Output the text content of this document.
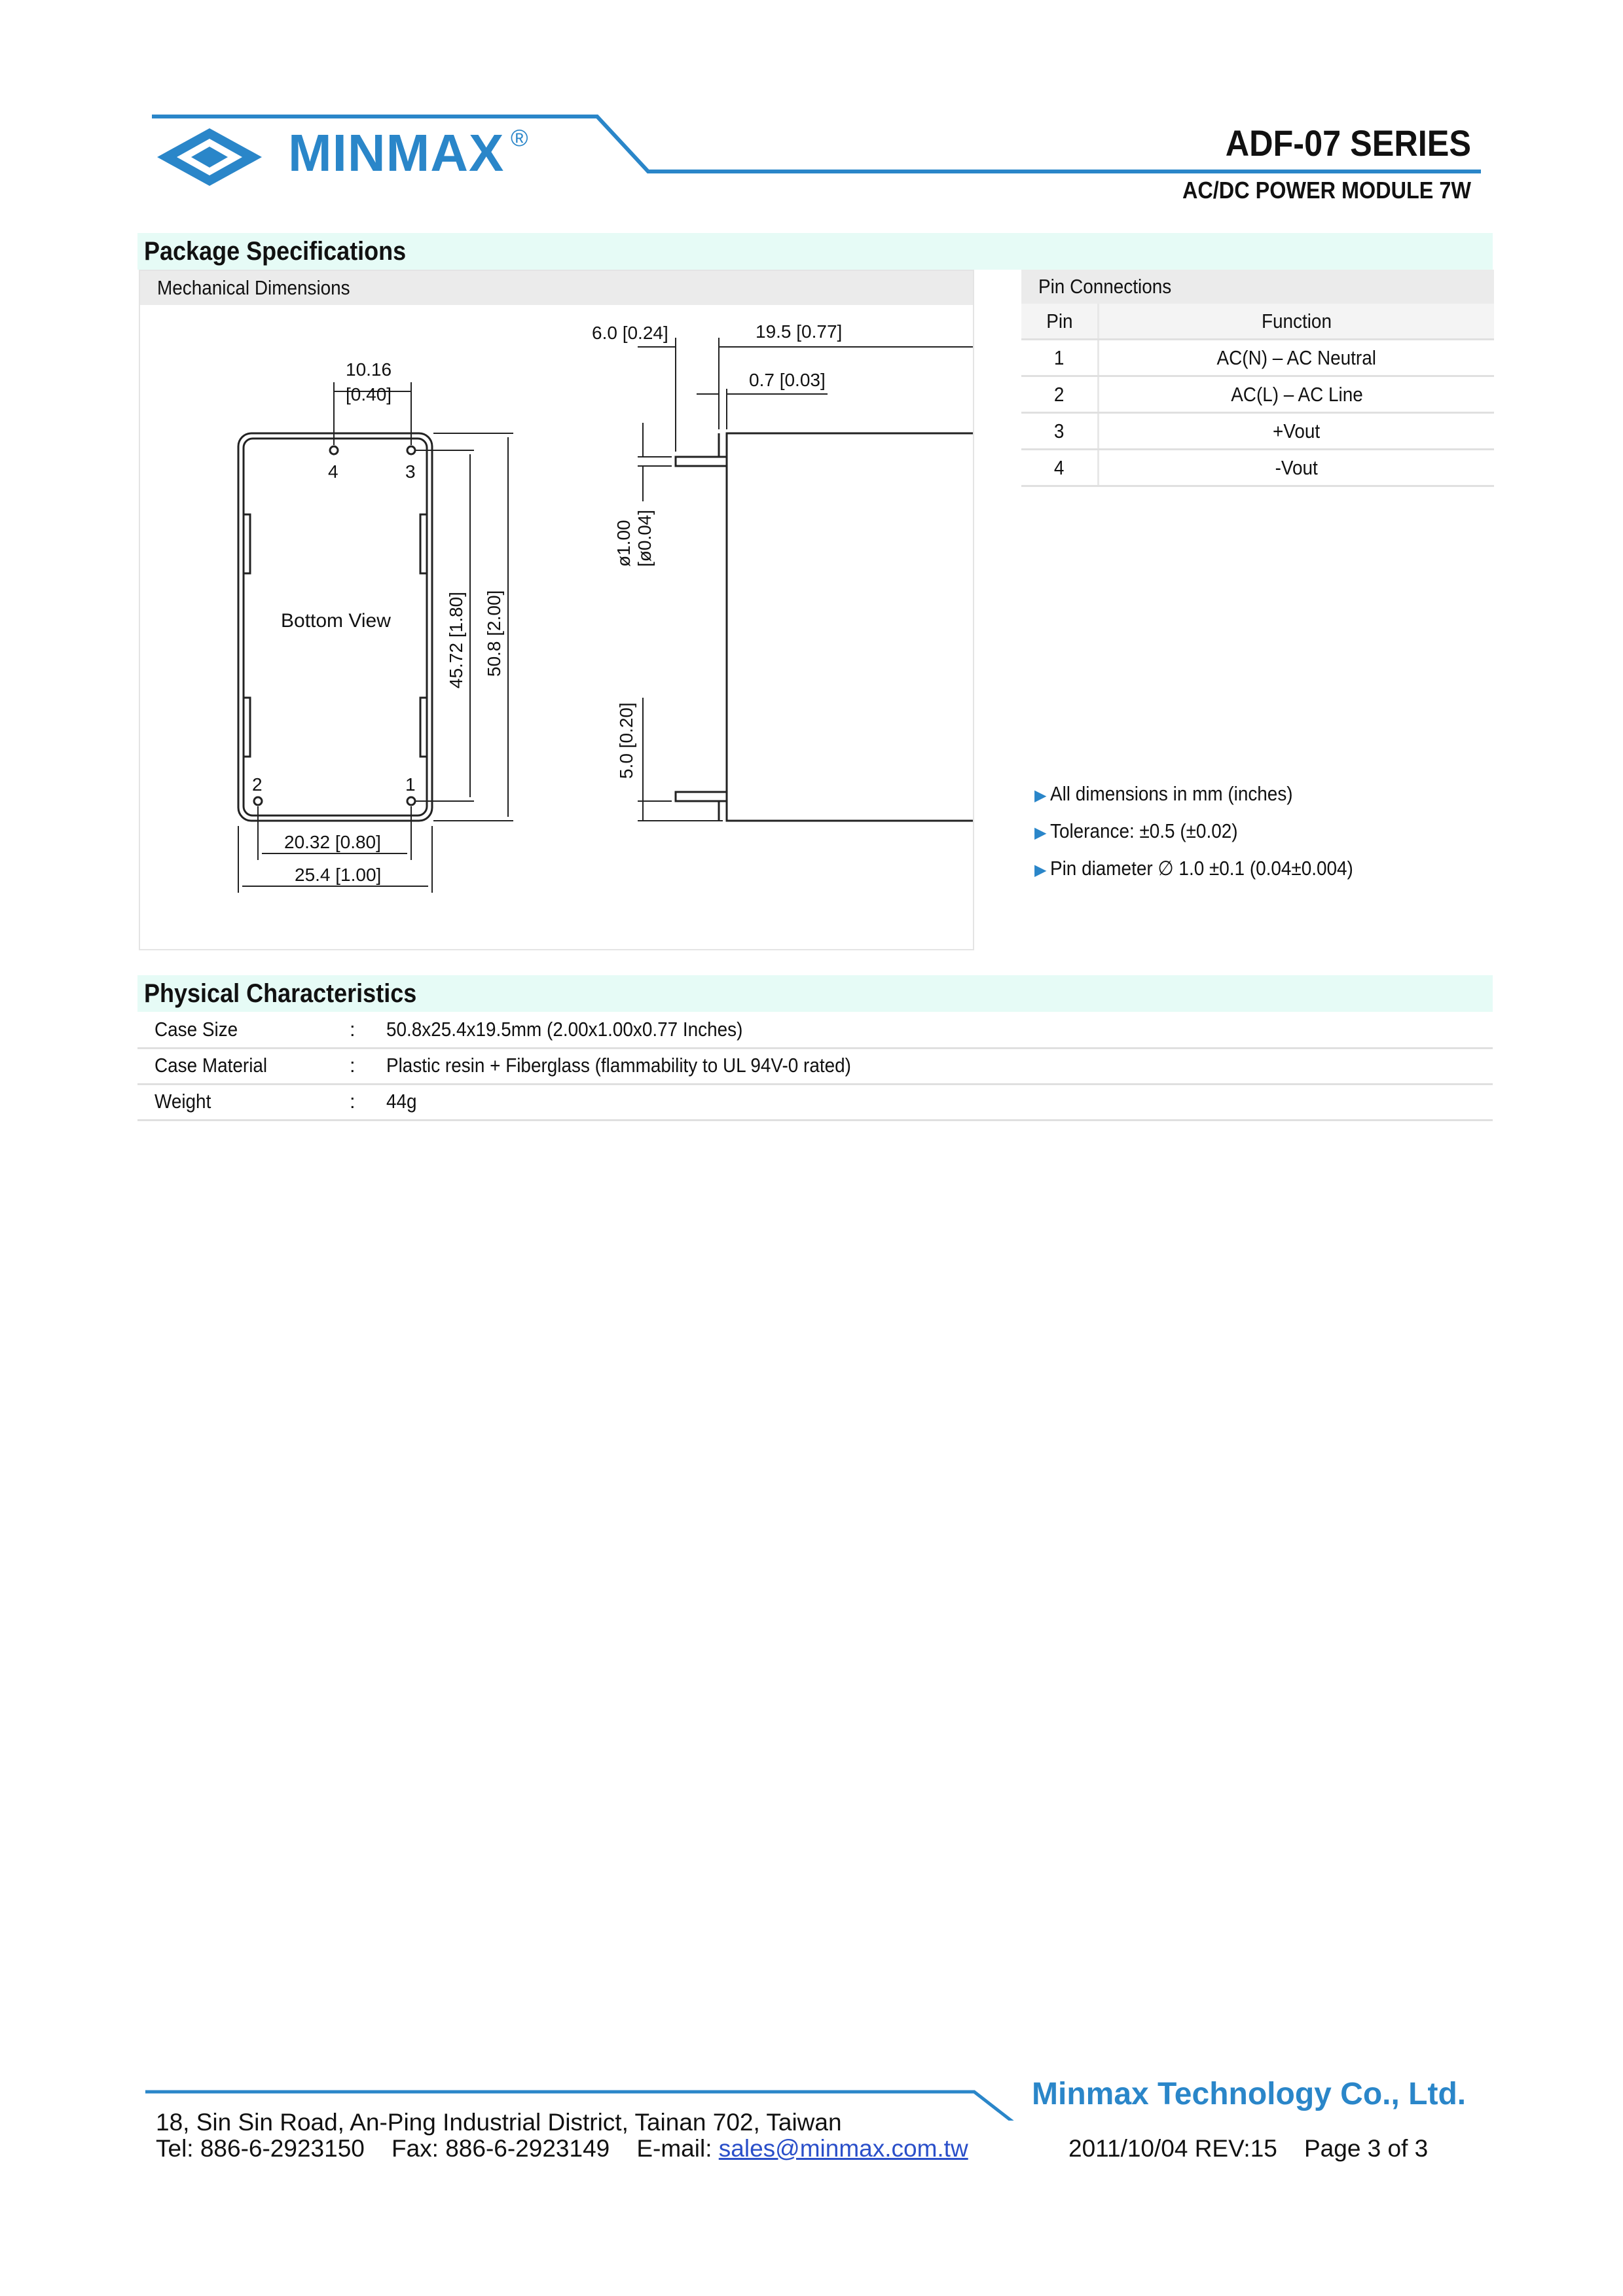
MINMAX ®	ADF-07 SERIES
AC/DC POWER MODULE 7W
Package Specifications
Mechanical Dimensions
4	3
2	1
Bottom View
10.16
[0.40]
45.72 [1.80] 50.8 [2.00]
20.32 [0.80]
25.4 [1.00]
6.0 [0.24]	19.5 [0.77]
0.7 [0.03]
ø1.00 [ø0.04]
5.0 [0.20]
Pin Connections
Pin	Function
1	AC(N) – AC Neutral
2	AC(L) – AC Line
3	+Vout
4	-Vout
▶ All dimensions in mm (inches)
▶ Tolerance: ±0.5 (±0.02)
▶ Pin diameter ∅ 1.0 ±0.1 (0.04±0.004)
Physical Characteristics
Case Size	: 50.8x25.4x19.5mm (2.00x1.00x0.77 Inches)
Case Material	: Plastic resin + Fiberglass (flammability to UL 94V-0 rated)
Weight	: 44g
Minmax Technology Co., Ltd.
18, Sin Sin Road, An-Ping Industrial District, Tainan 702, Taiwan
Tel: 886-6-2923150 Fax: 886-6-2923149 E-mail: sales@minmax.com.tw	2011/10/04 REV:15 Page 3 of 3
